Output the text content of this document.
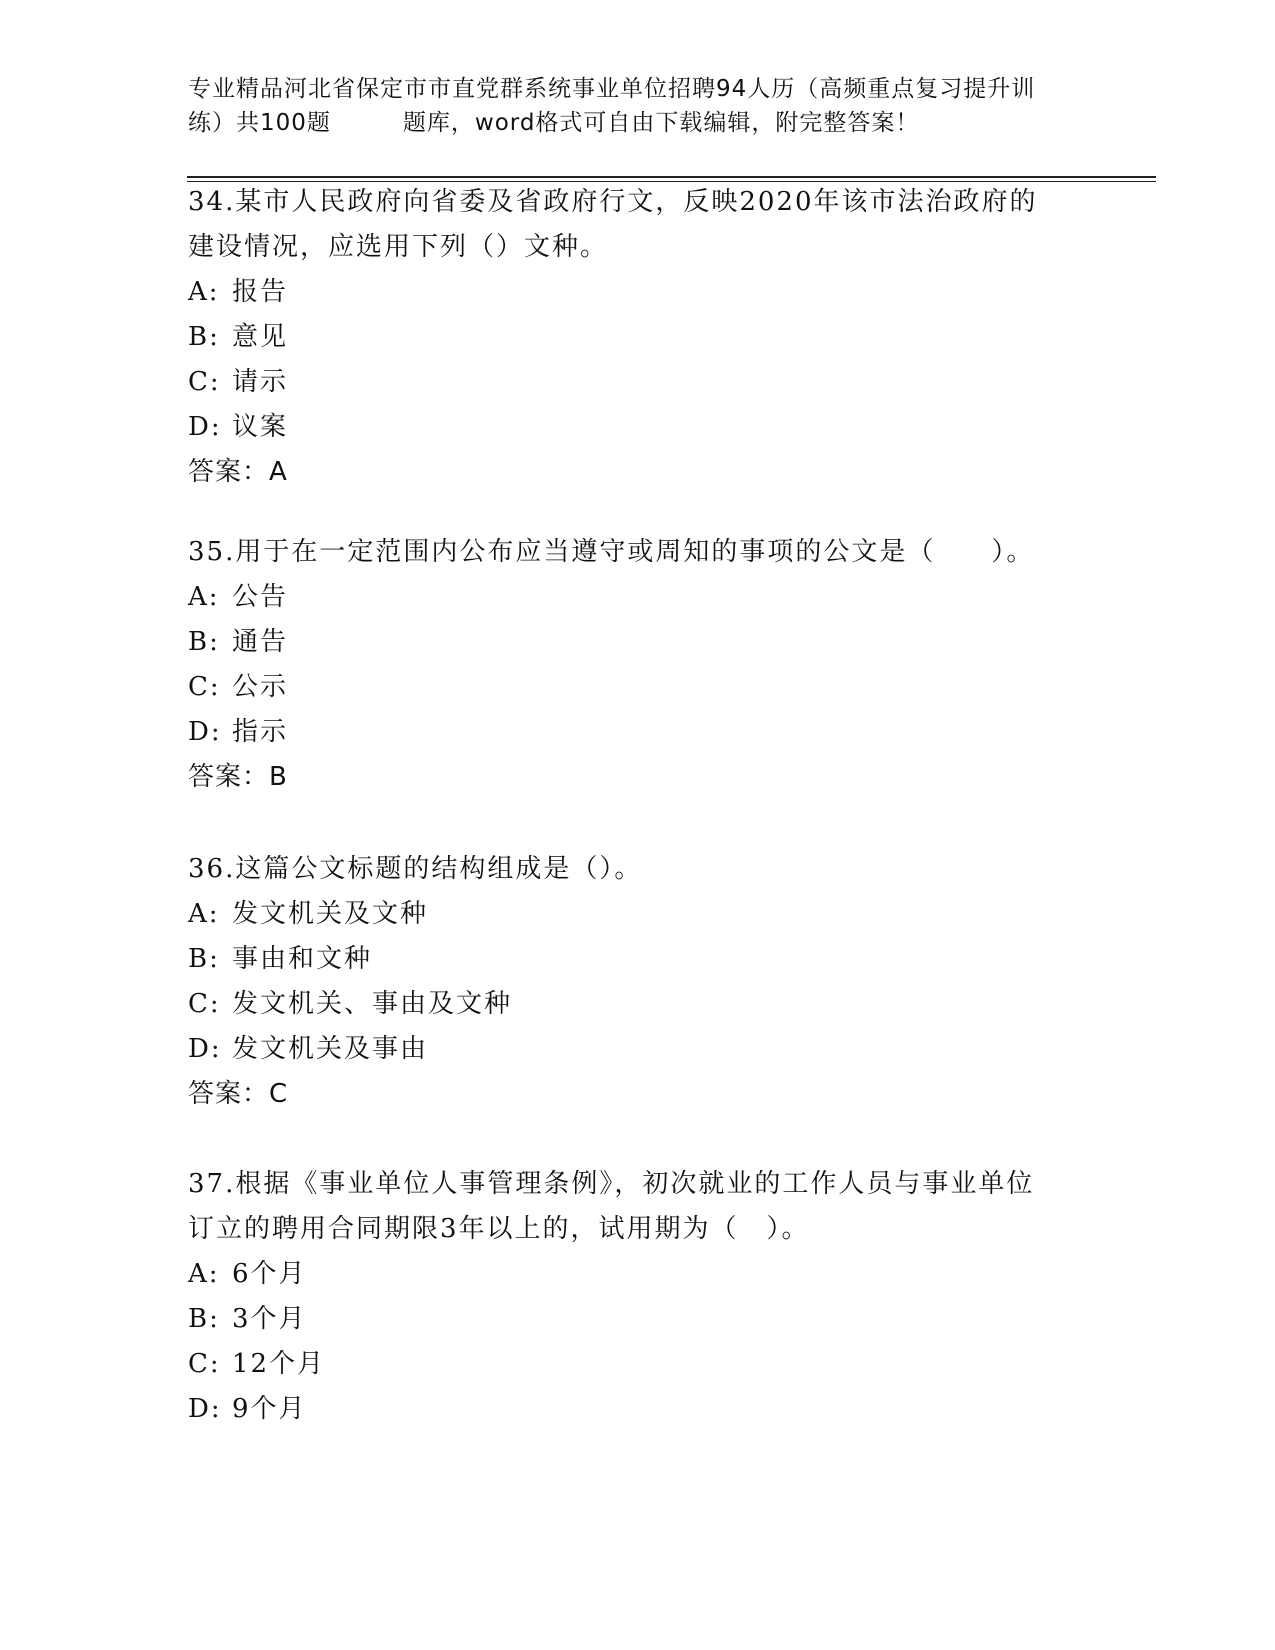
专业精品河北省保定市市直党群系统事业单位招聘94人历（高频重点复习提升训
练）共100题　　　题库，word格式可自由下载编辑，附完整答案！
34.某市人民政府向省委及省政府行文，反映2020年该市法治政府的
建设情况，应选用下列（）文种。
A: 报告
B: 意见
C: 请示
D: 议案
答案：A
35.用于在一定范围内公布应当遵守或周知的事项的公文是（　　）。
A: 公告
B: 通告
C: 公示
D: 指示
答案：B
36.这篇公文标题的结构组成是（）。
A: 发文机关及文种
B: 事由和文种
C: 发文机关、事由及文种
D: 发文机关及事由
答案：C
37.根据《事业单位人事管理条例》，初次就业的工作人员与事业单位
订立的聘用合同期限3年以上的，试用期为（　）。
A: 6个月
B: 3个月
C: 12个月
D: 9个月
